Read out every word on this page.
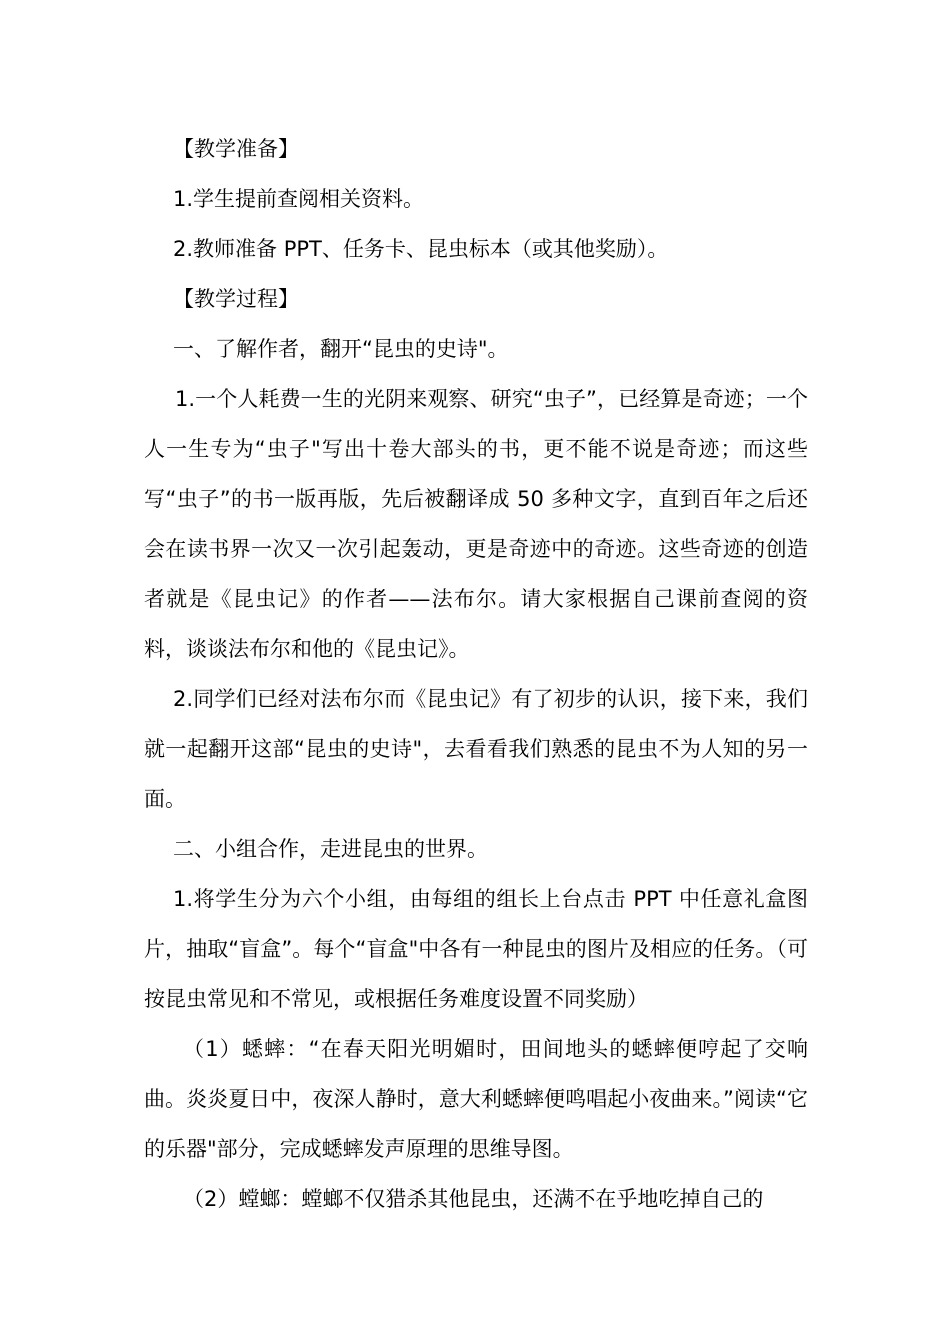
【教学准备】

1.学生提前查阅相关资料。

2.教师准备 PPT、任务卡、昆虫标本（或其他奖励）。

【教学过程】

一、了解作者，翻开“昆虫的史诗"。

1.一个人耗费一生的光阴来观察、研究“虫子”，已经算是奇迹；一个人一生专为“虫子"写出十卷大部头的书，更不能不说是奇迹；而这些写“虫子”的书一版再版，先后被翻译成 50 多种文字，直到百年之后还会在读书界一次又一次引起轰动，更是奇迹中的奇迹。这些奇迹的创造者就是《昆虫记》的作者——法布尔。请大家根据自己课前查阅的资料，谈谈法布尔和他的《昆虫记》。

2.同学们已经对法布尔而《昆虫记》有了初步的认识，接下来，我们就一起翻开这部“昆虫的史诗"，去看看我们熟悉的昆虫不为人知的另一面。

二、小组合作，走进昆虫的世界。

1.将学生分为六个小组，由每组的组长上台点击 PPT 中任意礼盒图片，抽取“盲盒”。每个“盲盒"中各有一种昆虫的图片及相应的任务。（可按昆虫常见和不常见，或根据任务难度设置不同奖励）

（1）蟋蟀：“在春天阳光明媚时，田间地头的蟋蟀便哼起了交响曲。炎炎夏日中，夜深人静时，意大利蟋蟀便鸣唱起小夜曲来。”阅读“它的乐器"部分，完成蟋蟀发声原理的思维导图。

（2）螳螂：螳螂不仅猎杀其他昆虫，还满不在乎地吃掉自己的
